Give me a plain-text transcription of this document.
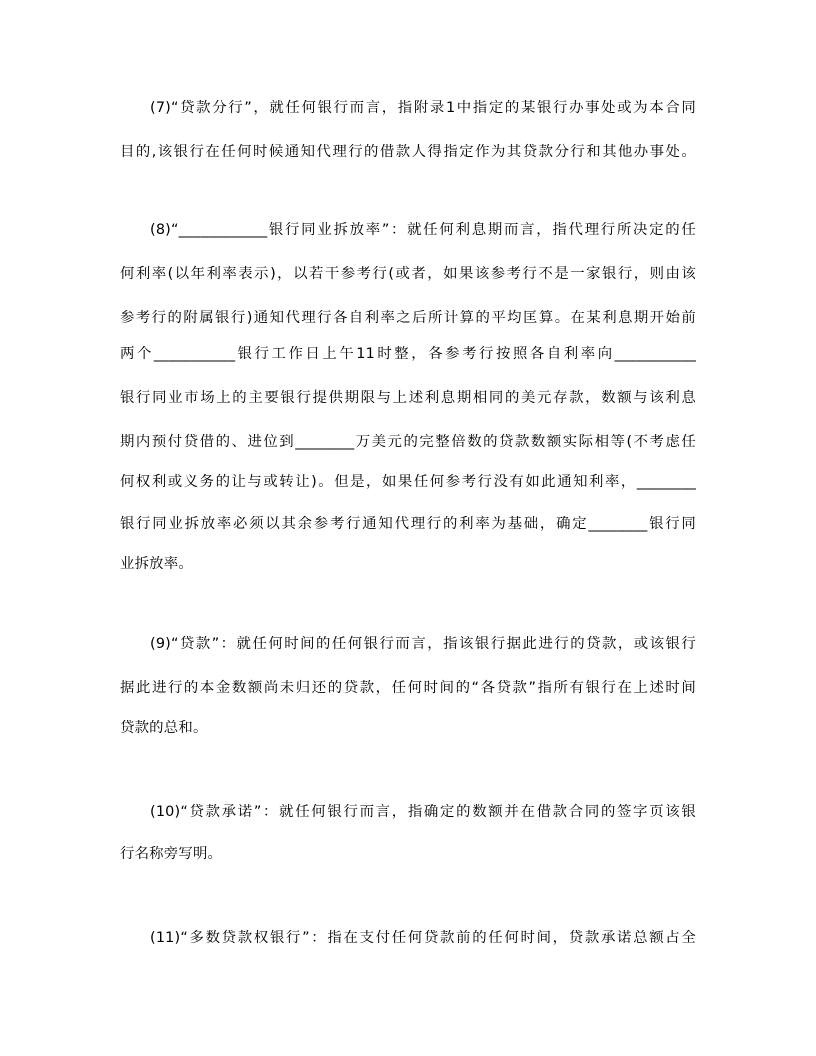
(7)“贷款分行”，就任何银行而言，指附录1中指定的某银行办事处或为本合同
目的,该银行在任何时候通知代理行的借款人得指定作为其贷款分行和其他办事处。
(8)“____________银行同业拆放率”：就任何利息期而言，指代理行所决定的任
何利率(以年利率表示)，以若干参考行(或者，如果该参考行不是一家银行，则由该
参考行的附属银行)通知代理行各自利率之后所计算的平均匡算。在某利息期开始前
两个___________银行工作日上午11时整，各参考行按照各自利率向___________
银行同业市场上的主要银行提供期限与上述利息期相同的美元存款，数额与该利息
期内预付贷借的、进位到________万美元的完整倍数的贷款数额实际相等(不考虑任
何权利或义务的让与或转让)。但是，如果任何参考行没有如此通知利率，________
银行同业拆放率必须以其余参考行通知代理行的利率为基础，确定________银行同
业拆放率。
(9)“贷款”：就任何时间的任何银行而言，指该银行据此进行的贷款，或该银行
据此进行的本金数额尚未归还的贷款，任何时间的“各贷款”指所有银行在上述时间
贷款的总和。
(10)“贷款承诺”：就任何银行而言，指确定的数额并在借款合同的签字页该银
行名称旁写明。
(11)“多数贷款权银行”：指在支付任何贷款前的任何时间，贷款承诺总额占全
